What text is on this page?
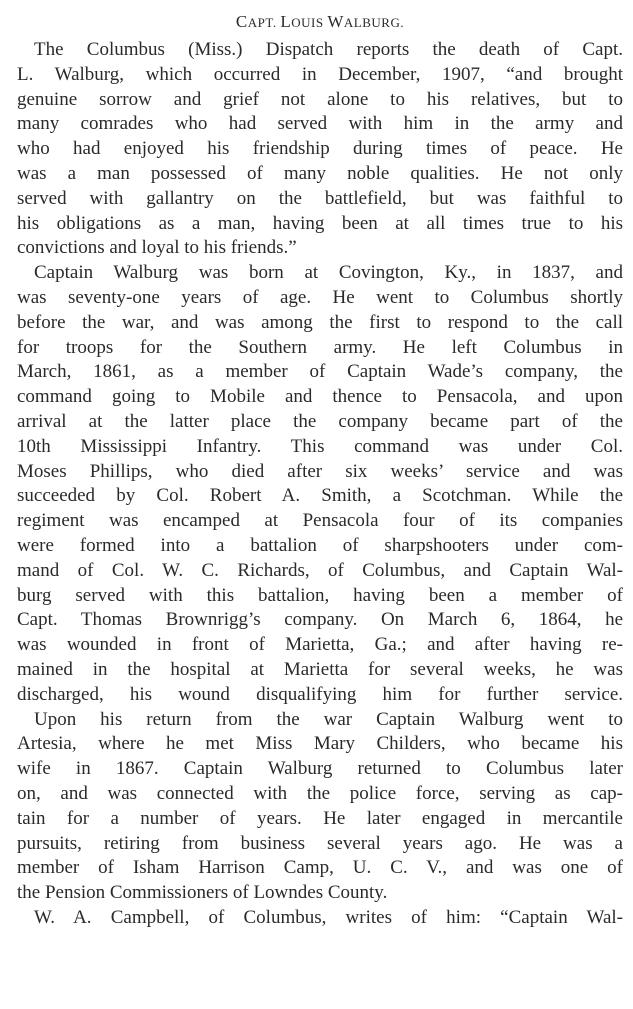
CAPT. LOUIS WALBURG.
The Columbus (Miss.) Dispatch reports the death of Capt.
L. Walburg, which occurred in December, 1907, “and brought
genuine sorrow and grief not alone to his relatives, but to
many comrades who had served with him in the army and
who had enjoyed his friendship during times of peace. He
was a man possessed of many noble qualities. He not only
served with gallantry on the battlefield, but was faithful to
his obligations as a man, having been at all times true to his
convictions and loyal to his friends.”
Captain Walburg was born at Covington, Ky., in 1837, and
was seventy-one years of age. He went to Columbus shortly
before the war, and was among the first to respond to the call
for troops for the Southern army. He left Columbus in
March, 1861, as a member of Captain Wade’s company, the
command going to Mobile and thence to Pensacola, and upon
arrival at the latter place the company became part of the
10th Mississippi Infantry. This command was under Col.
Moses Phillips, who died after six weeks’ service and was
succeeded by Col. Robert A. Smith, a Scotchman. While the
regiment was encamped at Pensacola four of its companies
were formed into a battalion of sharpshooters under com-
mand of Col. W. C. Richards, of Columbus, and Captain Wal-
burg served with this battalion, having been a member of
Capt. Thomas Brownrigg’s company. On March 6, 1864, he
was wounded in front of Marietta, Ga.; and after having re-
mained in the hospital at Marietta for several weeks, he was
discharged, his wound disqualifying him for further service.
Upon his return from the war Captain Walburg went to
Artesia, where he met Miss Mary Childers, who became his
wife in 1867. Captain Walburg returned to Columbus later
on, and was connected with the police force, serving as cap-
tain for a number of years. He later engaged in mercantile
pursuits, retiring from business several years ago. He was a
member of Isham Harrison Camp, U. C. V., and was one of
the Pension Commissioners of Lowndes County.
W. A. Campbell, of Columbus, writes of him: “Captain Wal-
